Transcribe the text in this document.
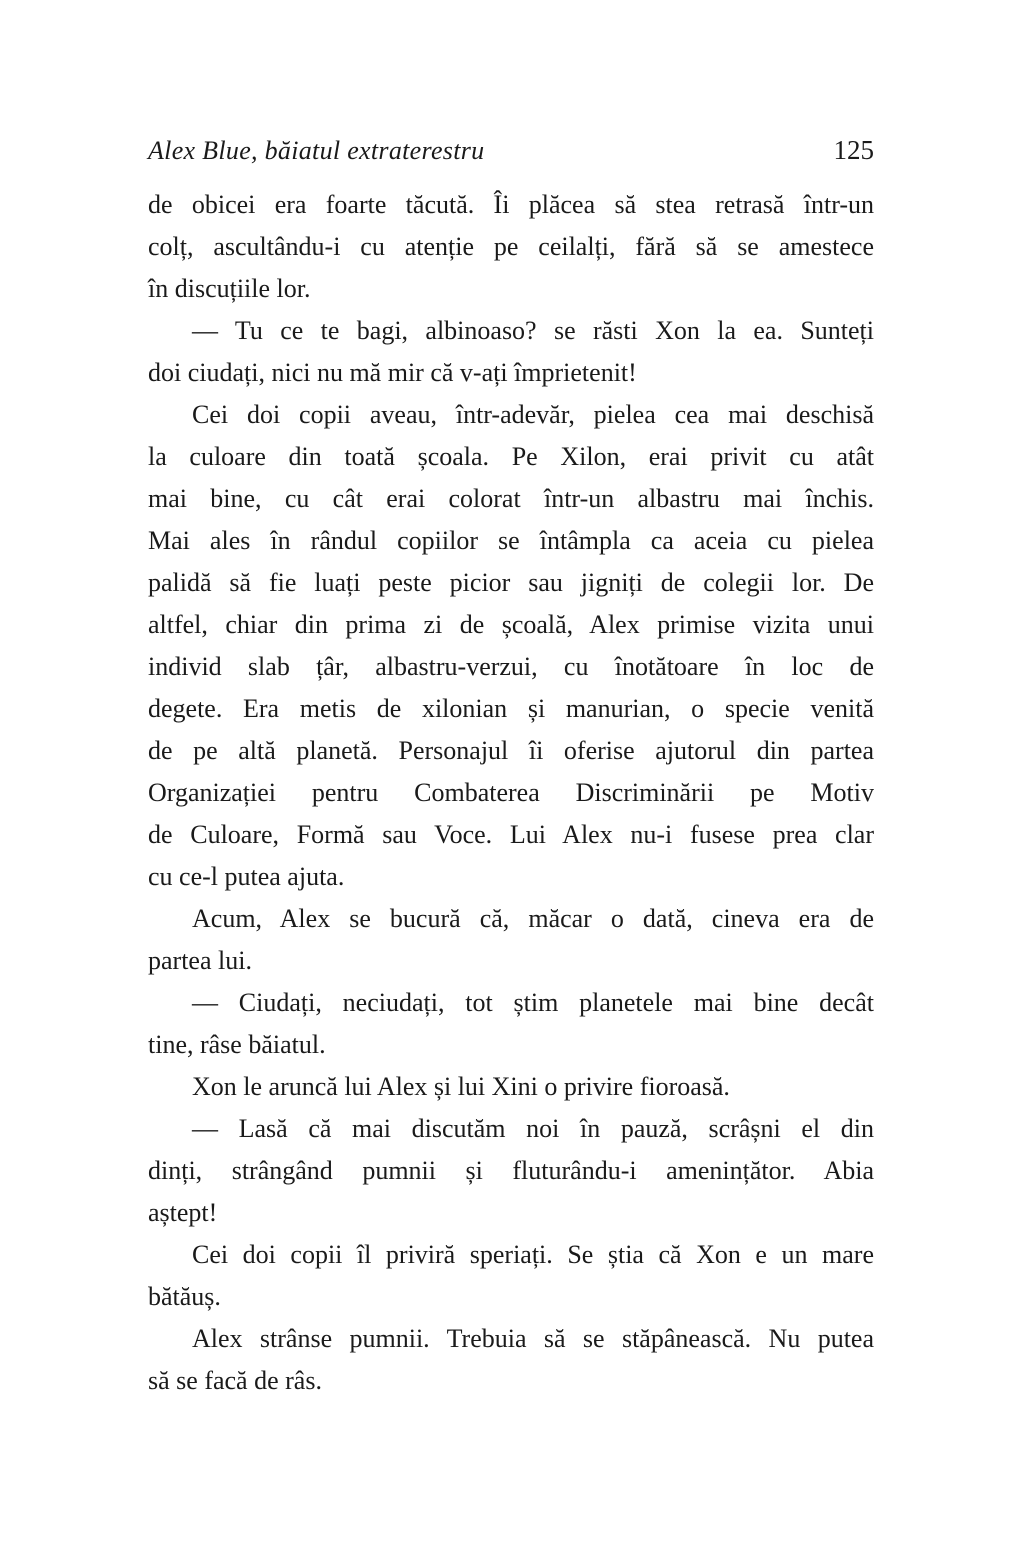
Alex Blue, băiatul extraterestru	125

de obicei era foarte tăcută. Îi plăcea să stea retrasă într-un
colț, ascultându-i cu atenție pe ceilalți, fără să se amestece
în discuțiile lor.

— Tu ce te bagi, albinoaso? se răsti Xon la ea. Sunteți
doi ciudați, nici nu mă mir că v-ați împrietenit!

Cei doi copii aveau, într-adevăr, pielea cea mai deschisă
la culoare din toată școala. Pe Xilon, erai privit cu atât
mai bine, cu cât erai colorat într-un albastru mai închis.
Mai ales în rândul copiilor se întâmpla ca aceia cu pielea
palidă să fie luați peste picior sau jigniți de colegii lor. De
altfel, chiar din prima zi de școală, Alex primise vizita unui
individ slab țâr, albastru-verzui, cu înotătoare în loc de
degete. Era metis de xilonian și manurian, o specie venită
de pe altă planetă. Personajul îi oferise ajutorul din partea
Organizației pentru Combaterea Discriminării pe Motiv
de Culoare, Formă sau Voce. Lui Alex nu-i fusese prea clar
cu ce-l putea ajuta.

Acum, Alex se bucură că, măcar o dată, cineva era de
partea lui.

— Ciudați, neciudați, tot știm planetele mai bine decât
tine, râse băiatul.

Xon le aruncă lui Alex și lui Xini o privire fioroasă.

— Lasă că mai discutăm noi în pauză, scrâșni el din
dinți, strângând pumnii și fluturându-i amenințător. Abia
aștept!

Cei doi copii îl priviră speriați. Se știa că Xon e un mare
bătăuș.

Alex strânse pumnii. Trebuia să se stăpânească. Nu putea
să se facă de râs.
